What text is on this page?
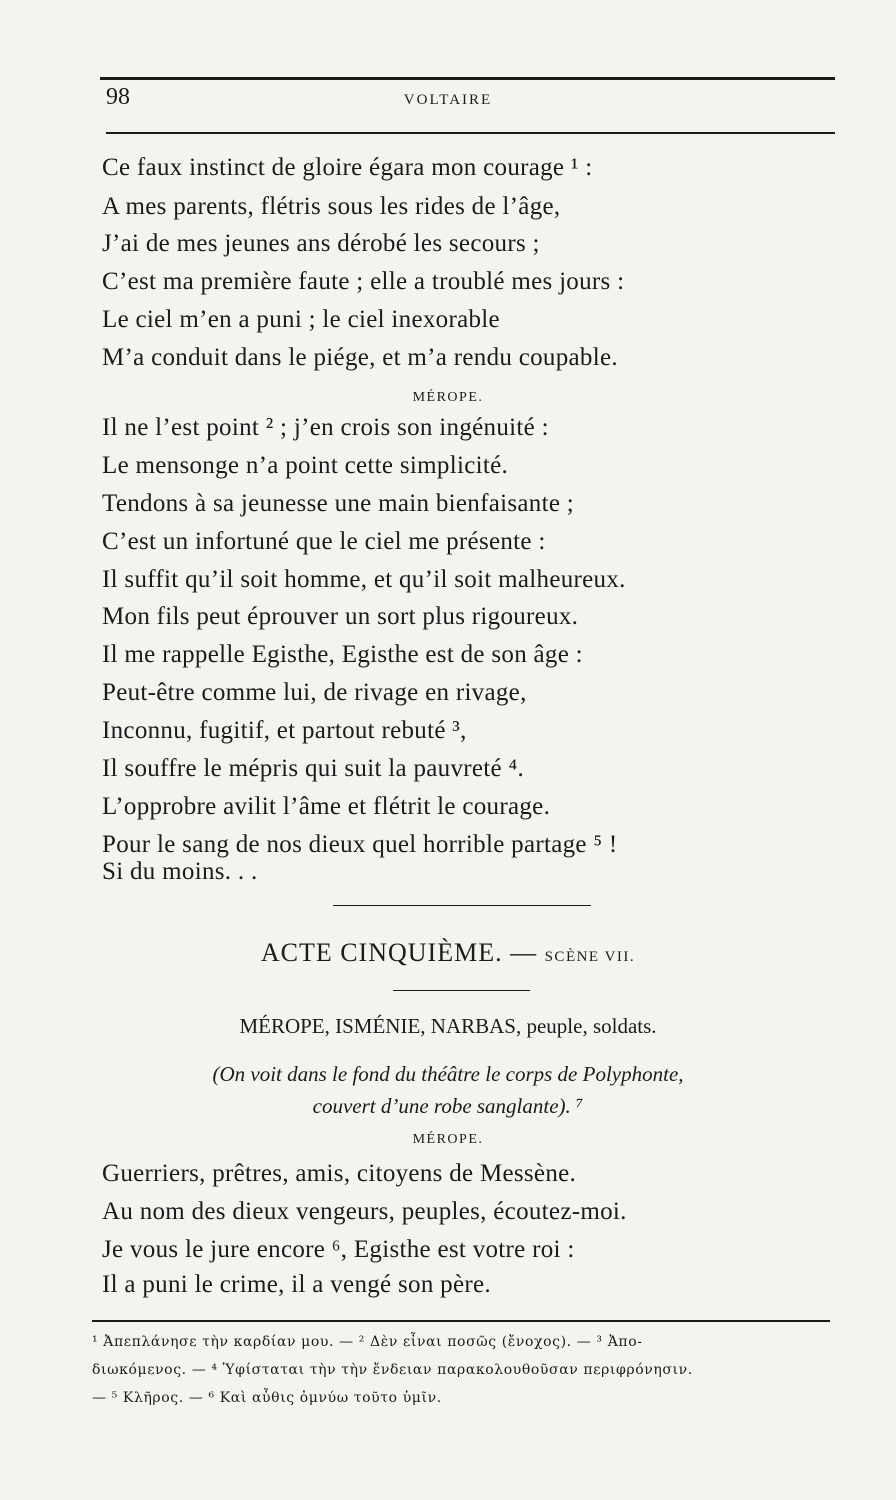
98	VOLTAIRE

Ce faux instinct de gloire égara mon courage ¹ :

A mes parents, flétris sous les rides de l’âge,

J’ai de mes jeunes ans dérobé les secours ;

C’est ma première faute ; elle a troublé mes jours :

Le ciel m’en a puni ; le ciel inexorable

M’a conduit dans le piége, et m’a rendu coupable.

MÉROPE.

Il ne l’est point ² ; j’en crois son ingénuité :

Le mensonge n’a point cette simplicité.

Tendons à sa jeunesse une main bienfaisante ;

C’est un infortuné que le ciel me présente :

Il suffit qu’il soit homme, et qu’il soit malheureux.

Mon fils peut éprouver un sort plus rigoureux.

Il me rappelle Egisthe, Egisthe est de son âge :

Peut-être comme lui, de rivage en rivage,

Inconnu, fugitif, et partout rebuté ³,

Il souffre le mépris qui suit la pauvreté ⁴.

L’opprobre avilit l’âme et flétrit le courage.

Pour le sang de nos dieux quel horrible partage ⁵ !

Si du moins. . .

ACTE CINQUIÈME. — SCÈNE VII.
MÉROPE, ISMÉNIE, NARBAS, peuple, soldats.
(On voit dans le fond du théâtre le corps de Polyphonte,
couvert d’une robe sanglante). ⁷
MÉROPE.

Guerriers, prêtres, amis, citoyens de Messène.

Au nom des dieux vengeurs, peuples, écoutez-moi.

Je vous le jure encore ⁶, Egisthe est votre roi :

Il a puni le crime, il a vengé son père.

¹ Ἀπεπλάνησε τὴν καρδίαν μου. — ² Δὲν εἶναι ποσῶς (ἔνοχος). — ³ Ἀπο-

διωκόμενος. — ⁴ Ὑφίσταται τὴν τὴν ἔνδειαν παρακολουθοῦσαν περιφρόνησιν.

— ⁵ Κλῆρος. — ⁶ Καὶ αὖθις ὀμνύω τοῦτο ὑμῖν.
